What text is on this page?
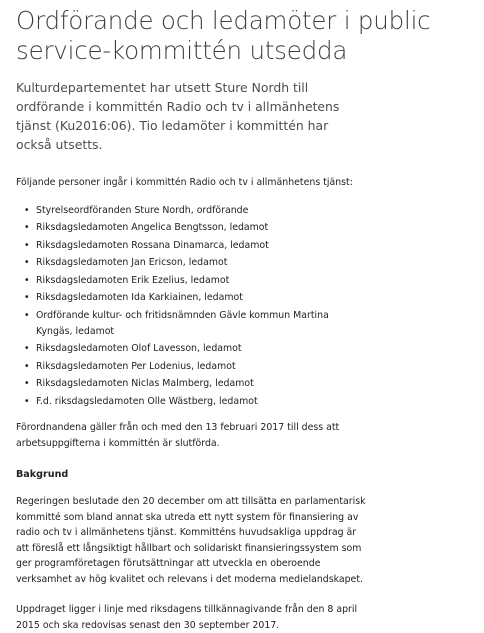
Ordförande och ledamöter i public service-kommittén utsedda

Kulturdepartementet har utsett Sture Nordh till ordförande i kommittén Radio och tv i allmänhetens tjänst (Ku2016:06). Tio ledamöter i kommittén har också utsetts.

Följande personer ingår i kommittén Radio och tv i allmänhetens tjänst:

• Styrelseordföranden Sture Nordh, ordförande
• Riksdagsledamoten Angelica Bengtsson, ledamot
• Riksdagsledamoten Rossana Dinamarca, ledamot
• Riksdagsledamoten Jan Ericson, ledamot
• Riksdagsledamoten Erik Ezelius, ledamot
• Riksdagsledamoten Ida Karkiainen, ledamot
• Ordförande kultur- och fritidsnämnden Gävle kommun Martina Kyngäs, ledamot
• Riksdagsledamoten Olof Lavesson, ledamot
• Riksdagsledamoten Per Lodenius, ledamot
• Riksdagsledamoten Niclas Malmberg, ledamot
• F.d. riksdagsledamoten Olle Wästberg, ledamot

Förordnandena gäller från och med den 13 februari 2017 till dess att arbetsuppgifterna i kommittén är slutförda.

Bakgrund

Regeringen beslutade den 20 december om att tillsätta en parlamentarisk kommitté som bland annat ska utreda ett nytt system för finansiering av radio och tv i allmänhetens tjänst. Kommitténs huvudsakliga uppdrag är att föreslå ett långsiktigt hållbart och solidariskt finansieringssystem som ger programföretagen förutsättningar att utveckla en oberoende verksamhet av hög kvalitet och relevans i det moderna medielandskapet.

Uppdraget ligger i linje med riksdagens tillkännagivande från den 8 april 2015 och ska redovisas senast den 30 september 2017.
